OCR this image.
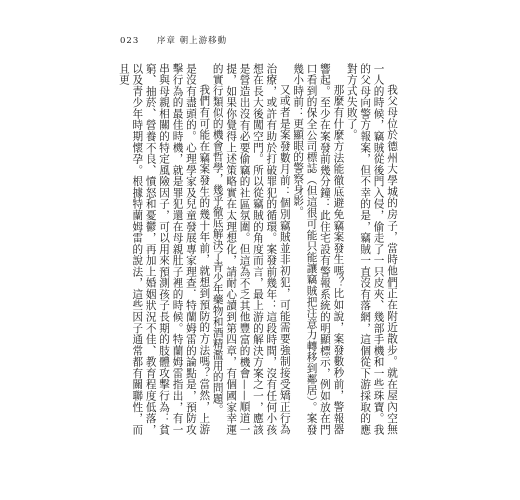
023 序章 朝上游移動

我父母位於德州大學城的房子，當時他們正在附近散步。就在屋內空無一人的時候，竊賊從後門入侵，偷走了一只皮夾、幾部手機和一些珠寶。我的父母向警方報案，但不幸的是，竊賊一直沒有落網，這個從下游採取的應對方式失敗了。

那麼有什麼方法能徹底避免竊案發生嗎？比如說，案發數秒前，警報器響起。至少在案發前幾分鐘：此住宅設有警報系統的明顯標示，例如放在門口看到的保全公司標誌（但這很可能只能讓竊賊把注意力轉移到鄰居）。案發幾小時前：更顯眼的警察身影。

又或者是案發數月前：個別竊賊並非初犯，可能需要強制接受矯正行為治療，或許有助於打破罪犯的循環。案發前幾年：這段時間，沒有任何小孩想在長大後闖空門。所以從竊賊的角度而言，最上游的解決方案之一，應該是營造出沒有必要偷竊的社區氛圍。但這為不乏其他豐富的機會——順道一提，如果你覺得上述策略實在太理想化，請耐心讀到第四章，有個國家幸運的實行類似的機會哲學，幾乎徹底解決了青少年藥物和酒精濫用的問題。

我們有可能在竊案發生的幾十年前，就想到預防的方法嗎？當然，上游是沒有盡頭的。心理學家及兒童發展專家理查．特蘭姆雷的論點是，預防攻擊行為的最佳時機，就是罪犯還在母親肚子裡的時候。特蘭姆雷指出，有一串與母親相關的特定風險因子，可以用來預測孩子長期的肢體攻擊行為：貧窮、抽菸、營養不良、憤怒和憂鬱，再加上婚姻狀況不佳、教育程度低落，以及青少年時期懷孕。根據特蘭姆雷的說法，這些因子通常都有關聯性，而且更
